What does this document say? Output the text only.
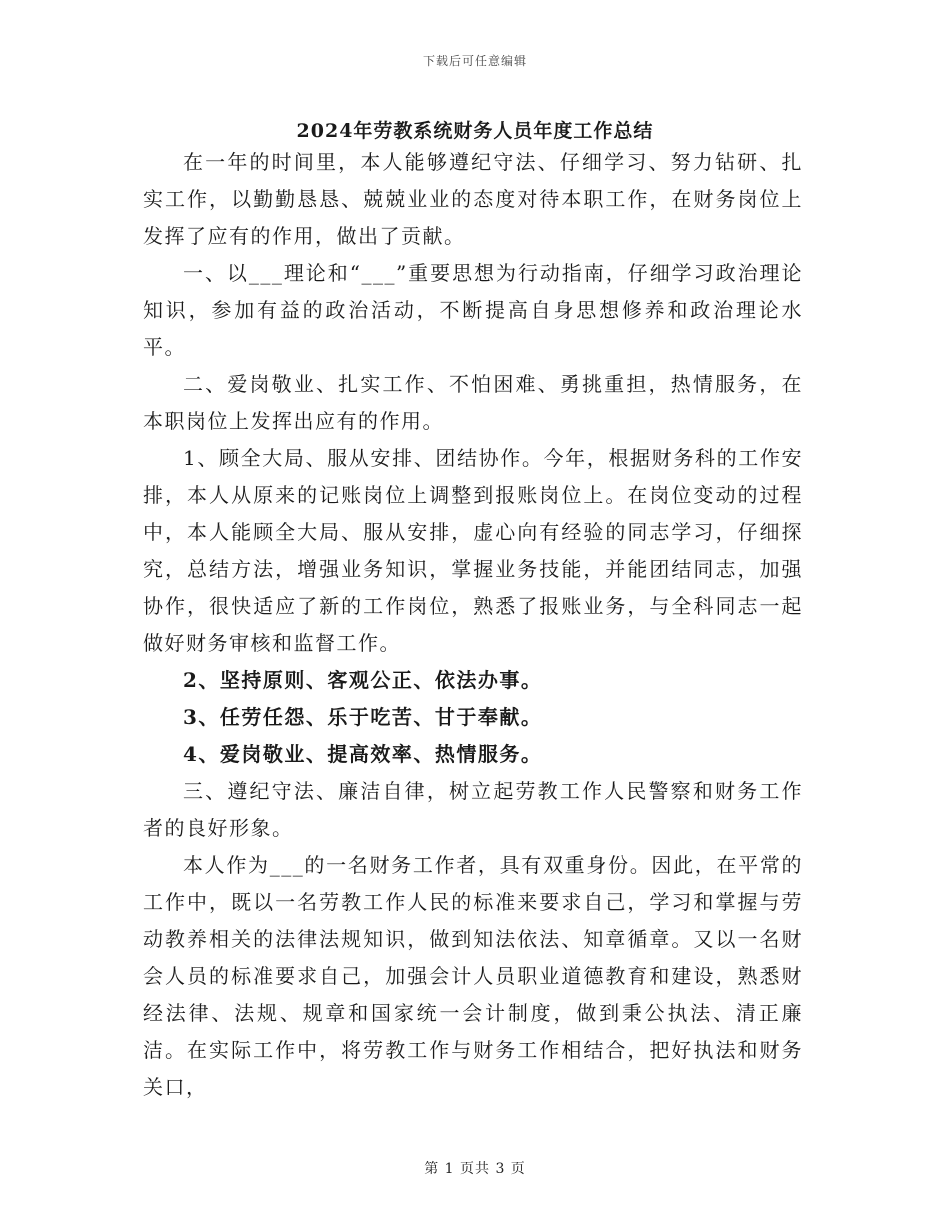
下载后可任意编辑
2024年劳教系统财务人员年度工作总结

在一年的时间里，本人能够遵纪守法、仔细学习、努力钻研、扎实工作，以勤勤恳恳、兢兢业业的态度对待本职工作，在财务岗位上发挥了应有的作用，做出了贡献。

一、以___理论和“___”重要思想为行动指南，仔细学习政治理论知识，参加有益的政治活动，不断提高自身思想修养和政治理论水平。

二、爱岗敬业、扎实工作、不怕困难、勇挑重担，热情服务，在本职岗位上发挥出应有的作用。

1、顾全大局、服从安排、团结协作。今年，根据财务科的工作安排，本人从原来的记账岗位上调整到报账岗位上。在岗位变动的过程中，本人能顾全大局、服从安排，虚心向有经验的同志学习，仔细探究，总结方法，增强业务知识，掌握业务技能，并能团结同志，加强协作，很快适应了新的工作岗位，熟悉了报账业务，与全科同志一起做好财务审核和监督工作。

2、坚持原则、客观公正、依法办事。

3、任劳任怨、乐于吃苦、甘于奉献。

4、爱岗敬业、提高效率、热情服务。

三、遵纪守法、廉洁自律，树立起劳教工作人民警察和财务工作者的良好形象。

本人作为___的一名财务工作者，具有双重身份。因此，在平常的工作中，既以一名劳教工作人民的标准来要求自己，学习和掌握与劳动教养相关的法律法规知识，做到知法依法、知章循章。又以一名财会人员的标准要求自己，加强会计人员职业道德教育和建设，熟悉财经法律、法规、规章和国家统一会计制度，做到秉公执法、清正廉洁。在实际工作中，将劳教工作与财务工作相结合，把好执法和财务关口，

第 1 页共 3 页
